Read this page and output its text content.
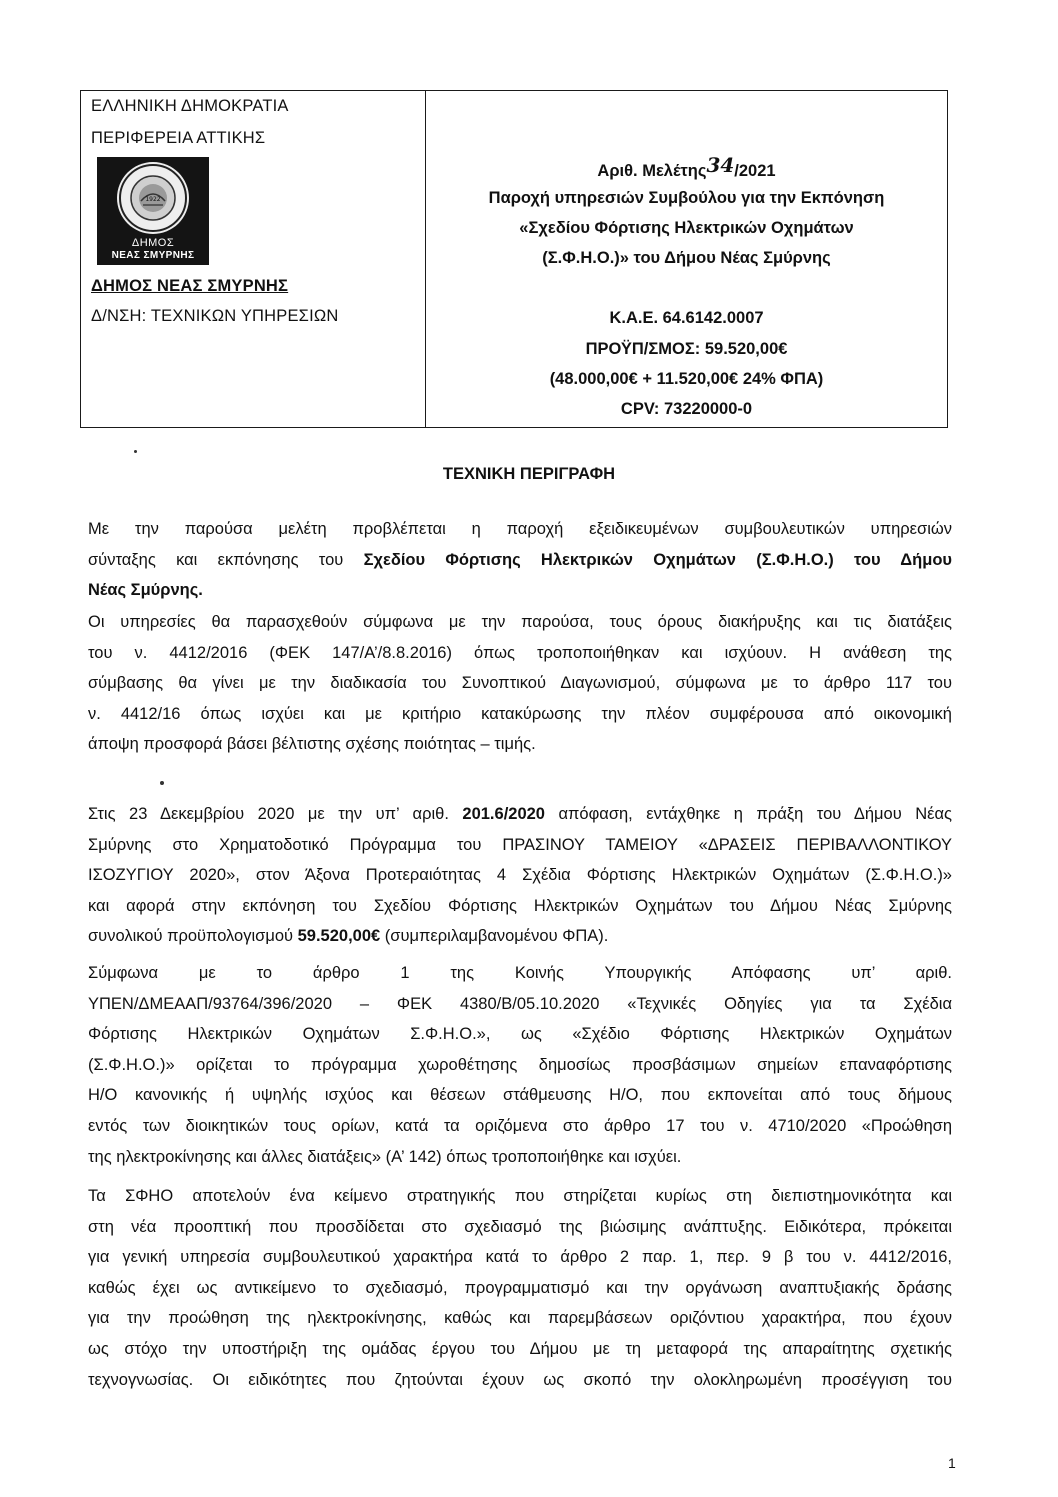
ΕΛΛΗΝΙΚΗ ΔΗΜΟΚΡΑΤΙΑ
ΠΕΡΙΦΕΡΕΙΑ ΑΤΤΙΚΗΣ
1922
ΔΗΜΟΣ
ΝΕΑΣ ΣΜΥΡΝΗΣ
ΔΗΜΟΣ ΝΕΑΣ ΣΜΥΡΝΗΣ
Δ/ΝΣΗ: ΤΕΧΝΙΚΩΝ ΥΠΗΡΕΣΙΩΝ
Αριθ. Μελέτης34/2021
Παροχή υπηρεσιών Συμβούλου για την Εκπόνηση
«Σχεδίου Φόρτισης Ηλεκτρικών Οχημάτων
(Σ.Φ.Η.Ο.)» του Δήμου Νέας Σμύρνης
Κ.Α.Ε. 64.6142.0007
ΠΡΟΫΠ/ΣΜΟΣ: 59.520,00€
(48.000,00€ + 11.520,00€ 24% ΦΠΑ)
CPV: 73220000-0
ΤΕΧΝΙΚΗ ΠΕΡΙΓΡΑΦΗ
Με την παρούσα μελέτη προβλέπεται η παροχή εξειδικευμένων συμβουλευτικών υπηρεσιών
σύνταξης και εκπόνησης του Σχεδίου Φόρτισης Ηλεκτρικών Οχημάτων (Σ.Φ.Η.Ο.) του Δήμου
Νέας Σμύρνης.
Οι υπηρεσίες θα παρασχεθούν σύμφωνα με την παρούσα, τους όρους διακήρυξης και τις διατάξεις
του ν. 4412/2016 (ΦΕΚ 147/Α’/8.8.2016) όπως τροποποιήθηκαν και ισχύουν. Η ανάθεση της
σύμβασης θα γίνει με την διαδικασία του Συνοπτικού Διαγωνισμού, σύμφωνα με το άρθρο 117 του
ν. 4412/16 όπως ισχύει και με κριτήριο κατακύρωσης την πλέον συμφέρουσα από οικονομική
άποψη προσφορά βάσει βέλτιστης σχέσης ποιότητας – τιμής.
Στις 23 Δεκεμβρίου 2020 με την υπ’ αριθ. 201.6/2020 απόφαση, εντάχθηκε η πράξη του Δήμου Νέας
Σμύρνης στο Χρηματοδοτικό Πρόγραμμα του ΠΡΑΣΙΝΟΥ ΤΑΜΕΙΟΥ «ΔΡΑΣΕΙΣ ΠΕΡΙΒΑΛΛΟΝΤΙΚΟΥ
ΙΣΟΖΥΓΙΟΥ 2020», στον Άξονα Προτεραιότητας 4 Σχέδια Φόρτισης Ηλεκτρικών Οχημάτων (Σ.Φ.Η.Ο.)»
και αφορά στην εκπόνηση του Σχεδίου Φόρτισης Ηλεκτρικών Οχημάτων του Δήμου Νέας Σμύρνης
συνολικού προϋπολογισμού 59.520,00€ (συμπεριλαμβανομένου ΦΠΑ).
Σύμφωνα με το άρθρο 1 της Κοινής Υπουργικής Απόφασης υπ’ αριθ.
ΥΠΕΝ/ΔΜΕΑΑΠ/93764/396/2020 – ΦΕΚ 4380/Β/05.10.2020 «Τεχνικές Οδηγίες για τα Σχέδια
Φόρτισης Ηλεκτρικών Οχημάτων Σ.Φ.Η.Ο.», ως «Σχέδιο Φόρτισης Ηλεκτρικών Οχημάτων
(Σ.Φ.Η.Ο.)» ορίζεται το πρόγραμμα χωροθέτησης δημοσίως προσβάσιμων σημείων επαναφόρτισης
Η/Ο κανονικής ή υψηλής ισχύος και θέσεων στάθμευσης Η/Ο, που εκπονείται από τους δήμους
εντός των διοικητικών τους ορίων, κατά τα οριζόμενα στο άρθρο 17 του ν. 4710/2020 «Προώθηση
της ηλεκτροκίνησης και άλλες διατάξεις» (Α’ 142) όπως τροποποιήθηκε και ισχύει.
Τα ΣΦΗΟ αποτελούν ένα κείμενο στρατηγικής που στηρίζεται κυρίως στη διεπιστημονικότητα και
στη νέα προοπτική που προσδίδεται στο σχεδιασμό της βιώσιμης ανάπτυξης. Ειδικότερα, πρόκειται
για γενική υπηρεσία συμβουλευτικού χαρακτήρα κατά το άρθρο 2 παρ. 1, περ. 9 β του ν. 4412/2016,
καθώς έχει ως αντικείμενο το σχεδιασμό, προγραμματισμό και την οργάνωση αναπτυξιακής δράσης
για την προώθηση της ηλεκτροκίνησης, καθώς και παρεμβάσεων οριζόντιου χαρακτήρα, που έχουν
ως στόχο την υποστήριξη της ομάδας έργου του Δήμου με τη μεταφορά της απαραίτητης σχετικής
τεχνογνωσίας. Οι ειδικότητες που ζητούνται έχουν ως σκοπό την ολοκληρωμένη προσέγγιση του
1
